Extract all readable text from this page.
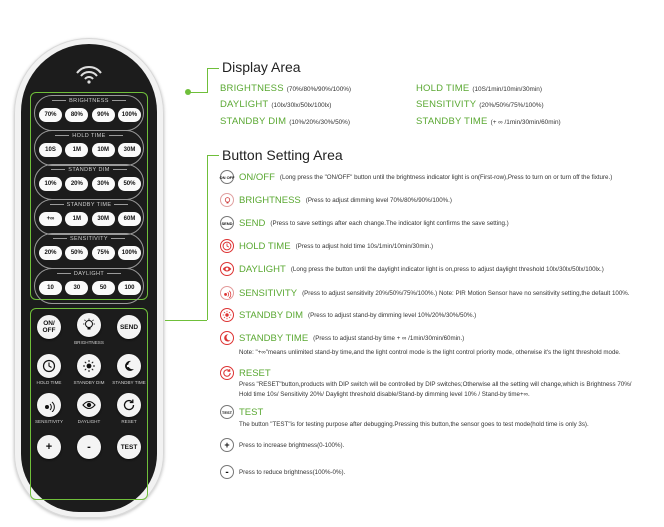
BRIGHTNESS
70%	80%	90%	100%
HOLD TIME
10S	1M	10M	30M
STANDBY DIM
10%	20%	30%	50%
STANDBY TIME
+∞	1M	30M	60M
SENSITIVITY
20%	50%	75%	100%
DAYLIGHT
10	30	50	100
ON/ OFF
BRIGHTNESS
SEND
HOLD TIME	STANDBY DIM	STANDBY TIME
SENSITIVITY	DAYLIGHT	RESET
+	-	TEST
Display Area
BRIGHTNESS (70%/80%/90%/100%)
DAYLIGHT (10lx/30lx/50lx/100lx)
STANDBY DIM (10%/20%/30%/50%)
HOLD TIME (10S/1min/10min/30min)
SENSITIVITY (20%/50%/75%/100%)
STANDBY TIME (+ ∞ /1min/30min/60min)
Button Setting Area
ON OFF ON/OFF (Long press the "ON/OFF" button until the brightness indicator light is on(First-row),Press to turn on or turn off the fixture.)
BRIGHTNESS (Press to adjust dimming level 70%/80%/90%/100%.)
SEND SEND (Press to save settings after each change.The indicator light confirms the save setting.)
HOLD TIME (Press to adjust hold time 10s/1min/10min/30min.)
DAYLIGHT (Long press the button until the daylight indicator light is on,press to adjust daylight threshold 10lx/30lx/50lx/100lx.)
SENSITIVITY (Press to adjust sensitivity 20%/50%/75%/100%.) Note: PIR Motion Sensor have no sensitivity setting,the default 100%.
STANDBY DIM (Press to adjust stand-by dimming level 10%/20%/30%/50%.)
STANDBY TIME (Press to adjust stand-by time + ∞ /1min/30min/60min.)
Note: "+∞"means unlimited stand-by time,and the light control mode is the light control priority mode, otherwise it's the light threshold mode.
RESET
Press "RESET"button,products with DIP switch will be controlled by DIP switches;Otherwise all the setting will change,which is Brightness 70%/
Hold time 10s/ Sensitivity 20%/ Daylight threshold disable/Stand-by dimming level 10% / Stand-by time+∞.
TEST TEST
The button "TEST"is for testing purpose after debugging.Pressing this button,the sensor goes to test mode(hold time is only 3s).
+	Press to increase brightness(0-100%).
-	Press to reduce brightness(100%-0%).
